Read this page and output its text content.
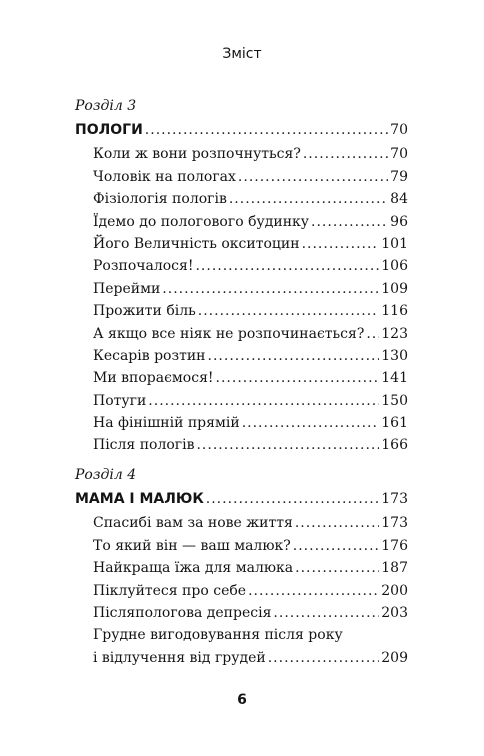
Зміст
Розділ 3
ПОЛОГИ .....	70
Коли ж вони розпочнуться? .....	70
Чоловік на пологах .....	79
Фізіологія пологів .....	84
Їдемо до пологового будинку .....	96
Його Величність окситоцин .....	101
Розпочалося! .....	106
Перейми .....	109
Прожити біль .....	116
А якщо все ніяк не розпочинається? ..... 123
Кесарів розтин .....	130
Ми впораємося! .....	141
Потуги .....	150
На фінішній прямій .....	161
Після пологів .....	166
Розділ 4
МАМА І МАЛЮК .....	173
Спасибі вам за нове життя .....	173
То який він — ваш малюк? .....	176
Найкраща їжа для малюка .....	187
Піклуйтеся про себе .....	200
Післяпологова депресія .....	203
Грудне вигодовування після року
і відлучення від грудей .....	209
6
